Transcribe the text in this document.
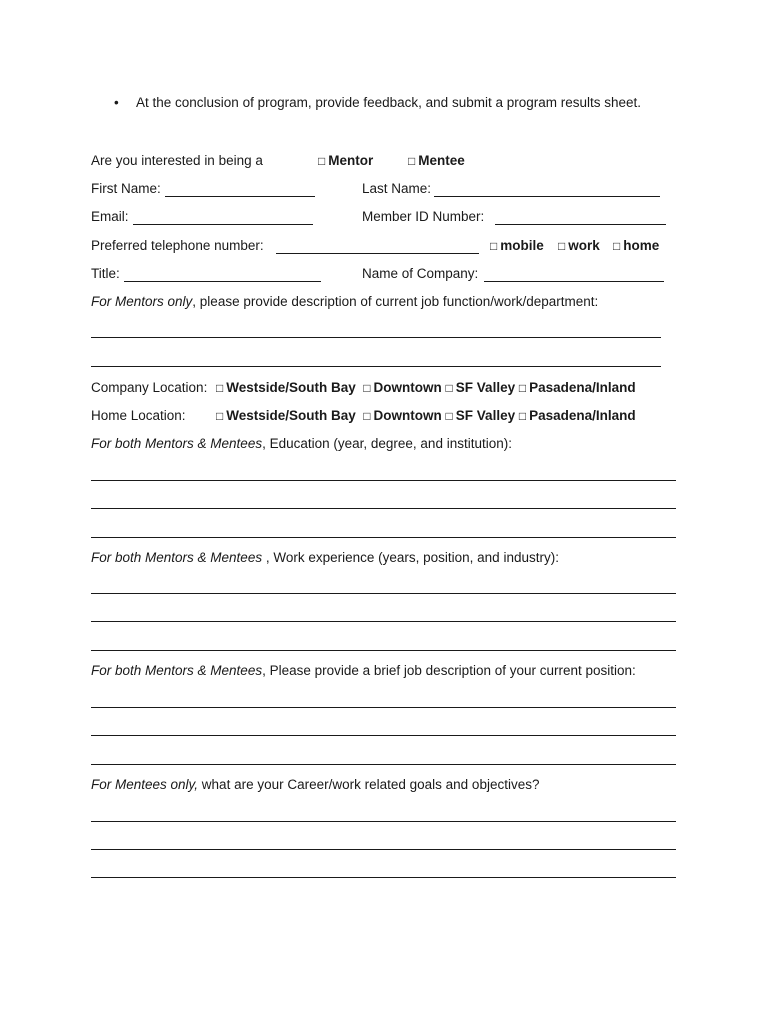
• At the conclusion of program, provide feedback, and submit a program results sheet.
Are you interested in being a	□ Mentor	□ Mentee
First Name:	Last Name:
Email:	Member ID Number:
Preferred telephone number:	□ mobile □ work □ home
Title:	Name of Company:
For Mentors only, please provide description of current job function/work/department:
Company Location: □ Westside/South Bay □ Downtown □ SF Valley □ Pasadena/Inland
Home Location:	□ Westside/South Bay □ Downtown □ SF Valley □ Pasadena/Inland
For both Mentors & Mentees, Education (year, degree, and institution):
For both Mentors & Mentees , Work experience (years, position, and industry):
For both Mentors & Mentees, Please provide a brief job description of your current position:
For Mentees only, what are your Career/work related goals and objectives?
